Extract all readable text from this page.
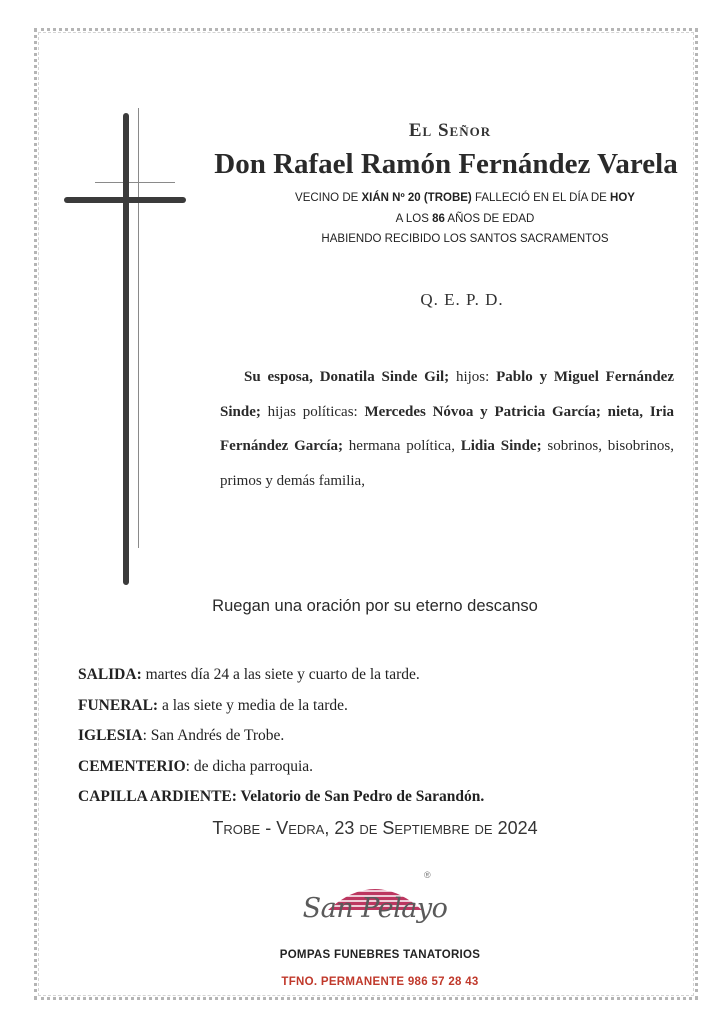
El Señor
Don Rafael Ramón Fernández Varela
VECINO DE XIÁN Nº 20 (TROBE) FALLECIÓ EN EL DÍA DE HOY
A LOS 86 AÑOS DE EDAD
HABIENDO RECIBIDO LOS SANTOS SACRAMENTOS
Q. E. P. D.
Su esposa, Donatila Sinde Gil; hijos: Pablo y Miguel Fernández Sinde; hijas políticas: Mercedes Nóvoa y Patricia García; nieta, Iria Fernández García; hermana política, Lidia Sinde; sobrinos, bisobrinos, primos y demás familia,
Ruegan una oración por su eterno descanso
SALIDA: martes día 24 a las siete y cuarto de la tarde.
FUNERAL: a las siete y media de la tarde.
IGLESIA: San Andrés de Trobe.
CEMENTERIO: de dicha parroquia.
CAPILLA ARDIENTE: Velatorio de San Pedro de Sarandón.
Trobe - Vedra, 23 de Septiembre de 2024
San Pelayo
®
POMPAS FUNEBRES TANATORIOS
TFNO. PERMANENTE 986 57 28 43
